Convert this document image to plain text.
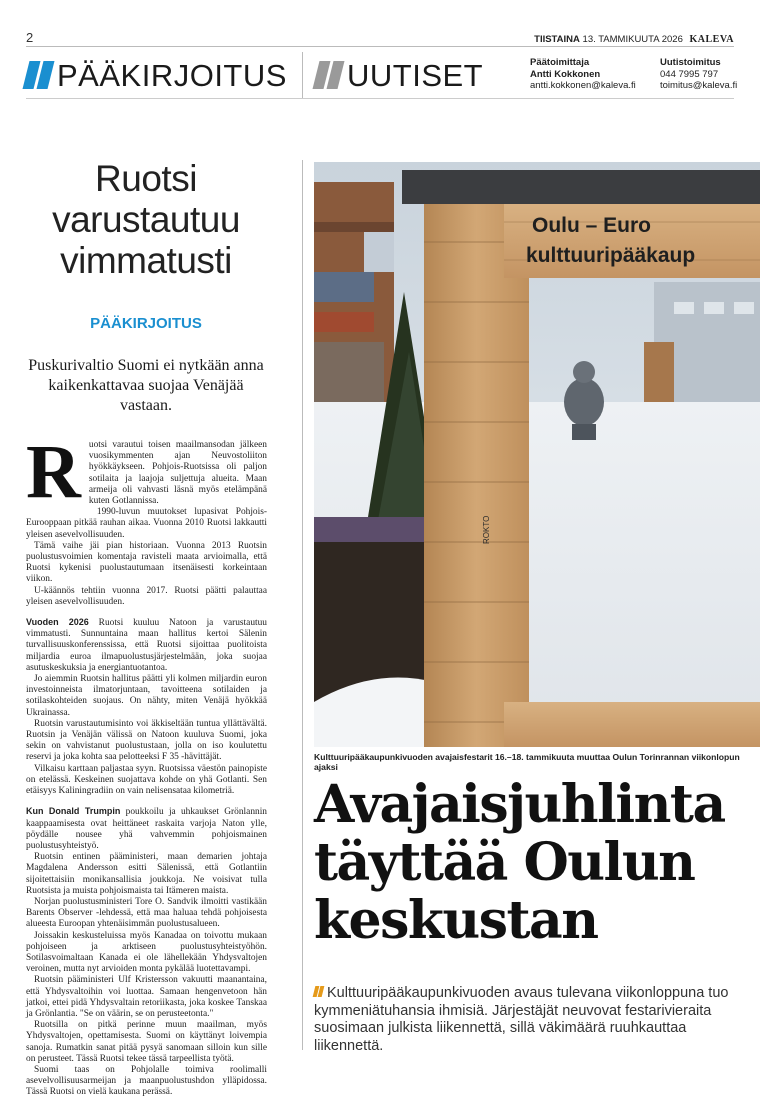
2	TIISTAINA 13. TAMMIKUUTA 2026 KALEVA
PÄÄKIRJOITUS UUTISET	Päätoimittaja
Antti Kokkonen
antti.kokkonen@kaleva.fi
Uutistoimitus
044 7995 797
toimitus@kaleva.fi
Ruotsi
varustautuu
vimmatusti
PÄÄKIRJOITUS
Puskurivaltio Suomi ei nytkään anna kaikenkattavaa suojaa Venäjää vastaan.

Ruotsi varautui toisen maailmansodan jälkeen vuosikymmenten ajan Neuvostoliiton hyökkäykseen. Pohjois-Ruotsissa oli paljon sotilaita ja laajoja suljettuja alueita. Maan armeija oli vahvasti läsnä myös etelämpänä kuten Gotlannissa.

1990-luvun muutokset lupasivat Pohjois-Eurooppaan pitkää rauhan aikaa. Vuonna 2010 Ruotsi lakkautti yleisen asevelvollisuuden.

Tämä vaihe jäi pian historiaan. Vuonna 2013 Ruotsin puolustusvoimien komentaja ravisteli maata arvioimalla, että Ruotsi kykenisi puolustautumaan itsenäisesti korkeintaan viikon.

U-käännös tehtiin vuonna 2017. Ruotsi päätti palauttaa yleisen asevelvollisuuden.

Vuoden 2026 Ruotsi kuuluu Natoon ja varustautuu vimmatusti. Sunnuntaina maan hallitus kertoi Sälenin turvallisuuskonferenssissa, että Ruotsi sijoittaa puolitoista miljardia euroa ilmapuolustusjärjestelmään, joka suojaa asutuskeskuksia ja energiantuotantoa.

Jo aiemmin Ruotsin hallitus päätti yli kolmen miljardin euron investoinneista ilmatorjuntaan, tavoitteena sotilaiden ja sotilaskohteiden suojaus. On nähty, miten Venäjä hyökkää Ukrainassa.

Ruotsin varustautumisinto voi äkkiseltään tuntua yllättävältä. Ruotsin ja Venäjän välissä on Natoon kuuluva Suomi, joka sekin on vahvistanut puolustustaan, jolla on iso koulutettu reservi ja joka kohta saa pelotteeksi F 35 -hävittäjät.

Vilkaisu karttaan paljastaa syyn. Ruotsissa väestön painopiste on etelässä. Keskeinen suojattava kohde on yhä Gotlanti. Sen etäisyys Kaliningradiin on vain nelisensataa kilometriä.

Kun Donald Trumpin poukkoilu ja uhkaukset Grönlannin kaappaamisesta ovat heittäneet raskaita varjoja Naton ylle, pöydälle nousee yhä vahvemmin pohjoismainen puolustusyhteistyö.

Ruotsin entinen pääministeri, maan demarien johtaja Magdalena Andersson esitti Sälenissä, että Gotlantiin sijoitettaisiin monikansallisia joukkoja. Ne voisivat tulla Ruotsista ja muista pohjoismaista tai Itämeren maista.

Norjan puolustusministeri Tore O. Sandvik ilmoitti vastikään Barents Observer -lehdessä, että maa haluaa tehdä pohjoisesta alueesta Euroopan yhtenäisimmän puolustusalueen.

Joissakin keskusteluissa myös Kanadaa on toivottu mukaan pohjoiseen ja arktiseen puolustusyhteistyöhön. Sotilasvoimaltaan Kanada ei ole lähellekään Yhdysvaltojen veroinen, mutta nyt arvioiden monta pykälää luotettavampi.

Ruotsin pääministeri Ulf Kristersson vakuutti maanantaina, että Yhdysvaltoihin voi luottaa. Samaan hengenvetoon hän jatkoi, ettei pidä Yhdysvaltain retoriikasta, joka koskee Tanskaa ja Grönlantia. "Se on väärin, se on perusteetonta."

Ruotsilla on pitkä perinne muun maailman, myös Yhdysvaltojen, opettamisesta. Suomi on käyttänyt loivempia sanoja. Rumatkin sanat pitää pysyä sanomaan silloin kun sille on perusteet. Tässä Ruotsi tekee tässä tarpeellista työtä.

Suomi taas on Pohjolalle toimiva roolimalli asevelvollisuusarmeijan ja maanpuolustushdon ylläpidossa. Tässä Ruotsi on vielä kaukana perässä.

ROKTO
Oulu – Euro
kulttuuripääkaup
Kulttuuripääkaupunkivuoden avajaisfestarit 16.–18. tammikuuta muuttaa Oulun Torinrannan viikonlopun ajaksi
Avajaisjuhlinta
täyttää Oulun
keskustan
Kulttuuripääkaupunkivuoden avaus tulevana viikonloppuna tuo kymmeniätuhansia ihmisiä. Järjestäjät neuvovat festarivieraita suosimaan julkista liikennettä, sillä väkimäärä ruuhkauttaa liikennettä.
